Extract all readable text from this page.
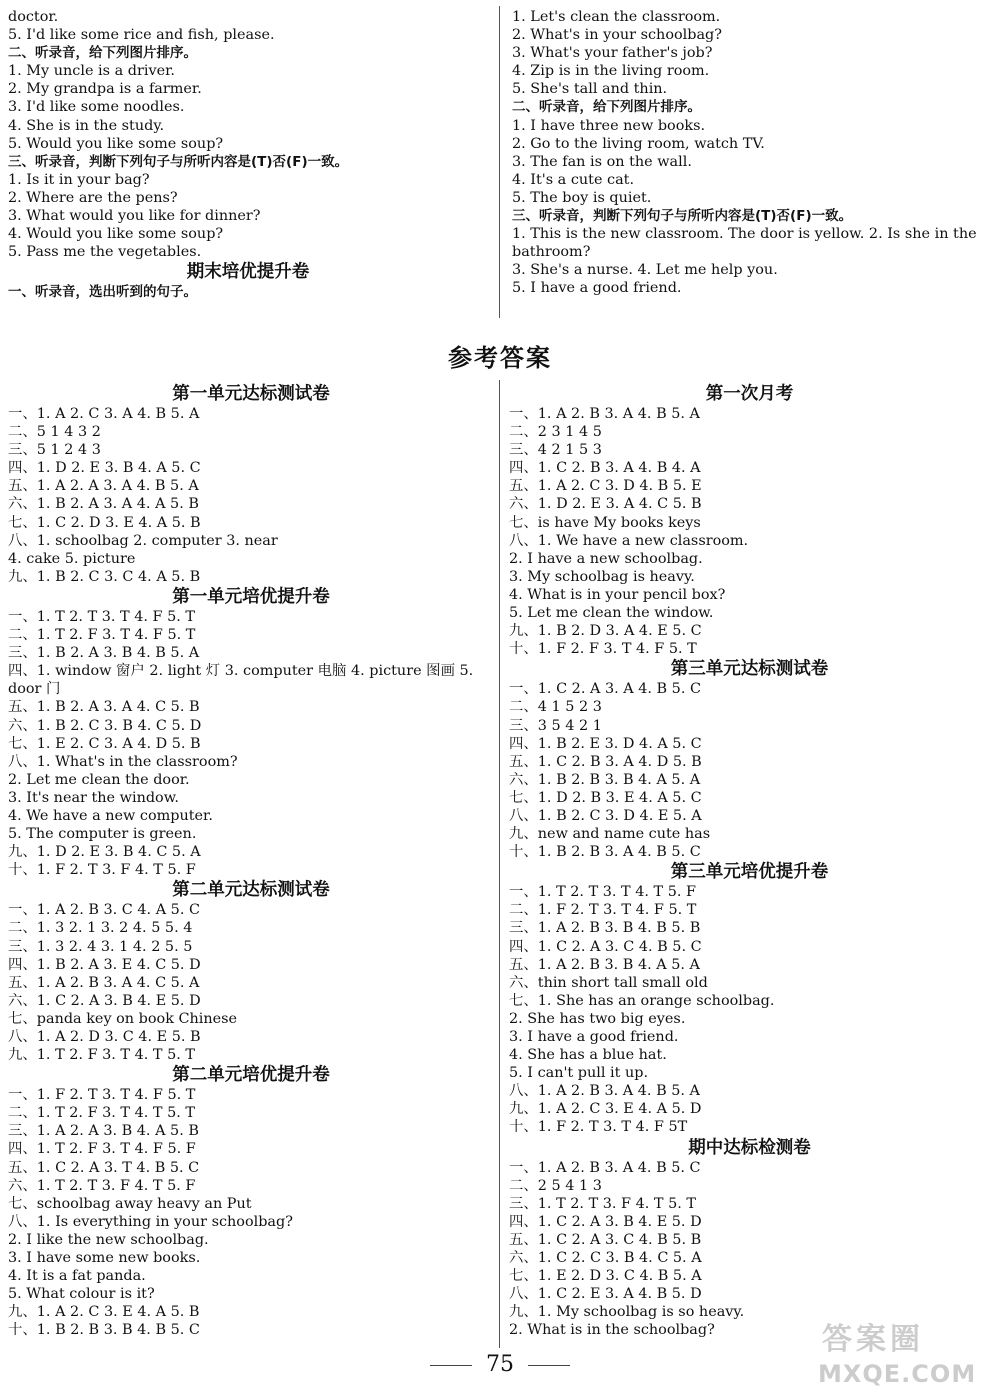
doctor.
5. I'd like some rice and fish, please.
二、听录音，给下列图片排序。
1. My uncle is a driver.
2. My grandpa is a farmer.
3. I'd like some noodles.
4. She is in the study.
5. Would you like some soup?
三、听录音，判断下列句子与所听内容是(T)否(F)一致。
1. Is it in your bag?
2. Where are the pens?
3. What would you like for dinner?
4. Would you like some soup?
5. Pass me the vegetables.
期末培优提升卷
一、听录音，选出听到的句子。
1. Let's clean the classroom.
2. What's in your schoolbag?
3. What's your father's job?
4. Zip is in the living room.
5. She's tall and thin.
二、听录音，给下列图片排序。
1. I have three new books.
2. Go to the living room, watch TV.
3. The fan is on the wall.
4. It's a cute cat.
5. The boy is quiet.
三、听录音，判断下列句子与所听内容是(T)否(F)一致。
1. This is the new classroom. The door is yellow. 2. Is she in the bathroom?
3. She's a nurse. 4. Let me help you.
5. I have a good friend.
参考答案
第一单元达标测试卷
一、1. A 2. C 3. A 4. B 5. A
二、5 1 4 3 2
三、5 1 2 4 3
四、1. D 2. E 3. B 4. A 5. C
五、1. A 2. A 3. A 4. B 5. A
六、1. B 2. A 3. A 4. A 5. B
七、1. C 2. D 3. E 4. A 5. B
八、1. schoolbag 2. computer 3. near
4. cake 5. picture
九、1. B 2. C 3. C 4. A 5. B
第一单元培优提升卷
一、1. T 2. T 3. T 4. F 5. T
二、1. T 2. F 3. T 4. F 5. T
三、1. B 2. A 3. B 4. B 5. A
四、1. window 窗户 2. light 灯 3. computer 电脑 4. picture 图画 5. door 门
五、1. B 2. A 3. A 4. C 5. B
六、1. B 2. C 3. B 4. C 5. D
七、1. E 2. C 3. A 4. D 5. B
八、1. What's in the classroom?
2. Let me clean the door.
3. It's near the window.
4. We have a new computer.
5. The computer is green.
九、1. D 2. E 3. B 4. C 5. A
十、1. F 2. T 3. F 4. T 5. F
第二单元达标测试卷
一、1. A 2. B 3. C 4. A 5. C
二、1. 3 2. 1 3. 2 4. 5 5. 4
三、1. 3 2. 4 3. 1 4. 2 5. 5
四、1. B 2. A 3. E 4. C 5. D
五、1. A 2. B 3. A 4. C 5. A
六、1. C 2. A 3. B 4. E 5. D
七、panda key on book Chinese
八、1. A 2. D 3. C 4. E 5. B
九、1. T 2. F 3. T 4. T 5. T
第二单元培优提升卷
一、1. F 2. T 3. T 4. F 5. T
二、1. T 2. F 3. T 4. T 5. T
三、1. A 2. A 3. B 4. A 5. B
四、1. T 2. F 3. T 4. F 5. F
五、1. C 2. A 3. T 4. B 5. C
六、1. T 2. T 3. F 4. T 5. F
七、schoolbag away heavy an Put
八、1. Is everything in your schoolbag?
2. I like the new schoolbag.
3. I have some new books.
4. It is a fat panda.
5. What colour is it?
九、1. A 2. C 3. E 4. A 5. B
十、1. B 2. B 3. B 4. B 5. C
第一次月考
一、1. A 2. B 3. A 4. B 5. A
二、2 3 1 4 5
三、4 2 1 5 3
四、1. C 2. B 3. A 4. B 4. A
五、1. A 2. C 3. D 4. B 5. E
六、1. D 2. E 3. A 4. C 5. B
七、is have My books keys
八、1. We have a new classroom.
2. I have a new schoolbag.
3. My schoolbag is heavy.
4. What is in your pencil box?
5. Let me clean the window.
九、1. B 2. D 3. A 4. E 5. C
十、1. F 2. F 3. T 4. F 5. T
第三单元达标测试卷
一、1. C 2. A 3. A 4. B 5. C
二、4 1 5 2 3
三、3 5 4 2 1
四、1. B 2. E 3. D 4. A 5. C
五、1. C 2. B 3. A 4. D 5. B
六、1. B 2. B 3. B 4. A 5. A
七、1. D 2. B 3. E 4. A 5. C
八、1. B 2. C 3. D 4. E 5. A
九、new and name cute has
十、1. B 2. B 3. A 4. B 5. C
第三单元培优提升卷
一、1. T 2. T 3. T 4. T 5. F
二、1. F 2. T 3. T 4. F 5. T
三、1. A 2. B 3. B 4. B 5. B
四、1. C 2. A 3. C 4. B 5. C
五、1. A 2. B 3. B 4. A 5. A
六、thin short tall small old
七、1. She has an orange schoolbag.
2. She has two big eyes.
3. I have a good friend.
4. She has a blue hat.
5. I can't pull it up.
八、1. A 2. B 3. A 4. B 5. A
九、1. A 2. C 3. E 4. A 5. D
十、1. F 2. T 3. T 4. F 5T
期中达标检测卷
一、1. A 2. B 3. A 4. B 5. C
二、2 5 4 1 3
三、1. T 2. T 3. F 4. T 5. T
四、1. C 2. A 3. B 4. E 5. D
五、1. C 2. A 3. C 4. B 5. B
六、1. C 2. C 3. B 4. C 5. A
七、1. E 2. D 3. C 4. B 5. A
八、1. C 2. E 3. A 4. B 5. D
九、1. My schoolbag is so heavy.
2. What is in the schoolbag?
75
答案圈
MXQE.COM
